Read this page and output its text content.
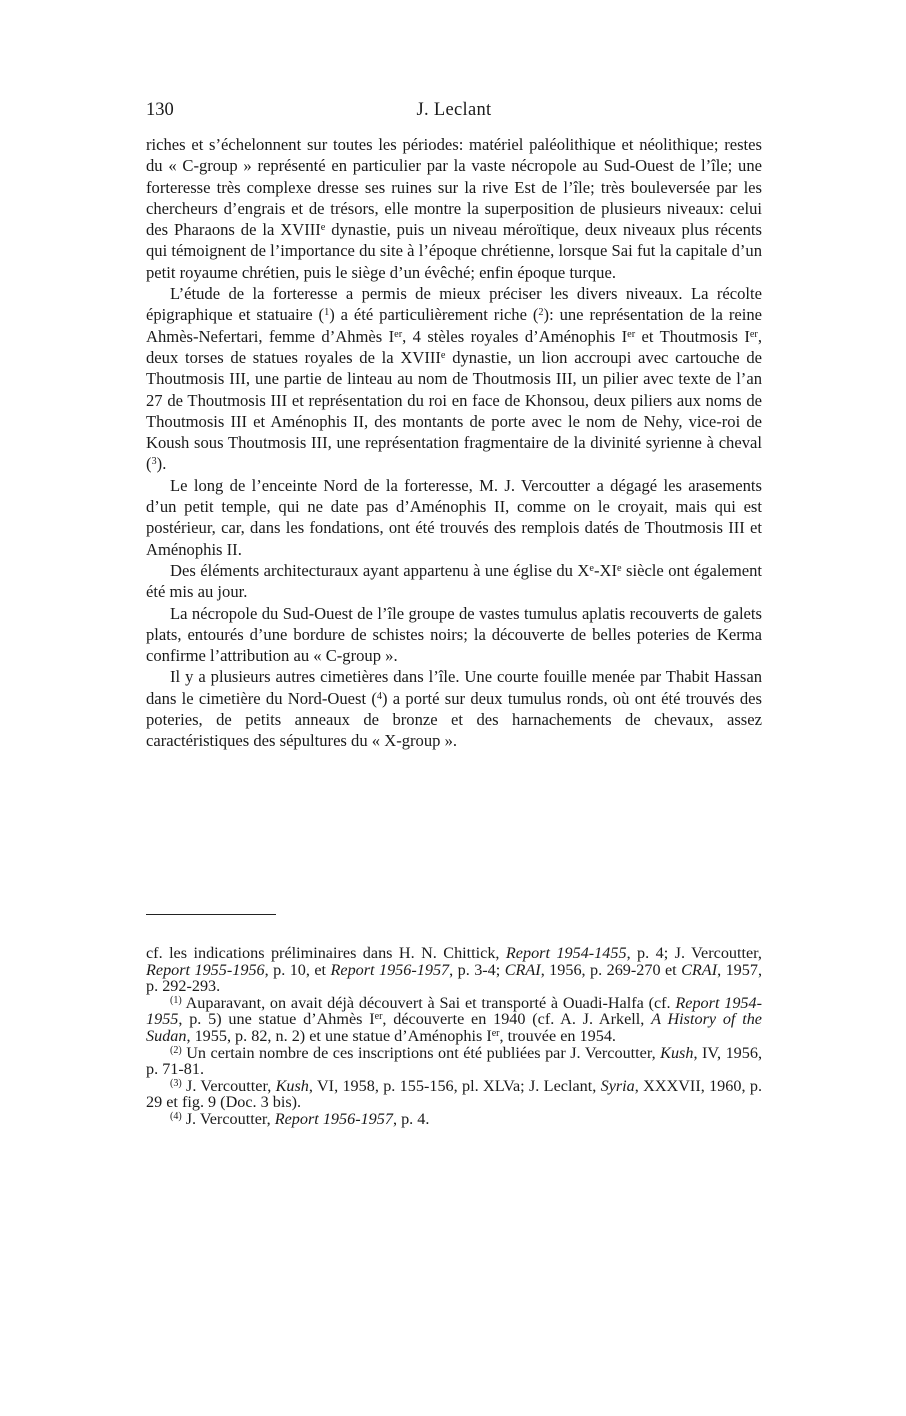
130	J. Leclant

riches et s’échelonnent sur toutes les périodes: matériel paléolithique et néolithique; restes du « C-group » représenté en particulier par la vaste nécropole au Sud-Ouest de l’île; une forteresse très complexe dresse ses ruines sur la rive Est de l’île; très bouleversée par les chercheurs d’engrais et de trésors, elle montre la superposition de plusieurs niveaux: celui des Pharaons de la XVIIIe dynastie, puis un niveau méroïtique, deux niveaux plus récents qui témoignent de l’importance du site à l’époque chrétienne, lorsque Sai fut la capitale d’un petit royaume chrétien, puis le siège d’un évêché; enfin époque turque.

L’étude de la forteresse a permis de mieux préciser les divers niveaux. La récolte épigraphique et statuaire ($^1$) a été particulièrement riche ($^2$): une représentation de la reine Ahmès-Nefertari, femme d’Ahmès Ier, 4 stèles royales d’Aménophis Ier et Thoutmosis Ier, deux torses de statues royales de la XVIIIe dynastie, un lion accroupi avec cartouche de Thoutmosis III, une partie de linteau au nom de Thoutmosis III, un pilier avec texte de l’an 27 de Thoutmosis III et représentation du roi en face de Khonsou, deux piliers aux noms de Thoutmosis III et Aménophis II, des montants de porte avec le nom de Nehy, vice-roi de Koush sous Thoutmosis III, une représentation fragmentaire de la divinité syrienne à cheval ($^3$).

Le long de l’enceinte Nord de la forteresse, M. J. Vercoutter a dégagé les arasements d’un petit temple, qui ne date pas d’Aménophis II, comme on le croyait, mais qui est postérieur, car, dans les fondations, ont été trouvés des remplois datés de Thoutmosis III et Aménophis II.

Des éléments architecturaux ayant appartenu à une église du Xe-XIe siècle ont également été mis au jour.

La nécropole du Sud-Ouest de l’île groupe de vastes tumulus aplatis recouverts de galets plats, entourés d’une bordure de schistes noirs; la découverte de belles poteries de Kerma confirme l’attribution au « C-group ».

Il y a plusieurs autres cimetières dans l’île. Une courte fouille menée par Thabit Hassan dans le cimetière du Nord-Ouest ($^4$) a porté sur deux tumulus ronds, où ont été trouvés des poteries, de petits anneaux de bronze et des harnachements de chevaux, assez caractéristiques des sépultures du « X-group ».

cf. les indications préliminaires dans H. N. Chittick, Report 1954-1455, p. 4; J. Vercoutter, Report 1955-1956, p. 10, et Report 1956-1957, p. 3-4; CRAI, 1956, p. 269-270 et CRAI, 1957, p. 292-293.

$^{(1)}$ Auparavant, on avait déjà découvert à Sai et transporté à Ouadi-Halfa (cf. Report 1954-1955, p. 5) une statue d’Ahmès Ier, découverte en 1940 (cf. A. J. Arkell, A History of the Sudan, 1955, p. 82, n. 2) et une statue d’Aménophis Ier, trouvée en 1954.

$^{(2)}$ Un certain nombre de ces inscriptions ont été publiées par J. Vercoutter, Kush, IV, 1956, p. 71-81.

$^{(3)}$ J. Vercoutter, Kush, VI, 1958, p. 155-156, pl. XLVa; J. Leclant, Syria, XXXVII, 1960, p. 29 et fig. 9 (Doc. 3 bis).

$^{(4)}$ J. Vercoutter, Report 1956-1957, p. 4.
